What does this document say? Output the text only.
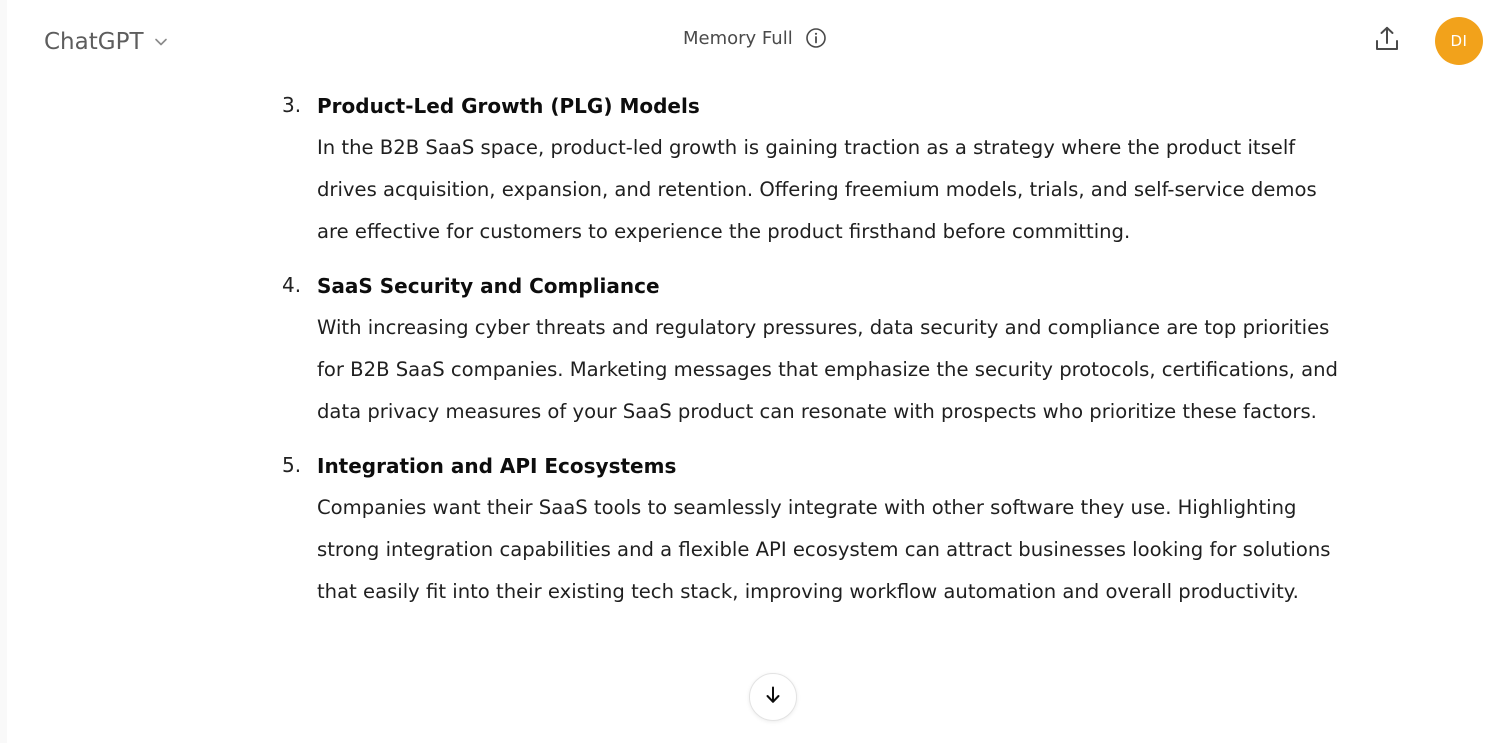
ChatGPT	Memory Full	DI
3. Product-Led Growth (PLG) Models
In the B2B SaaS space, product-led growth is gaining traction as a strategy where the product itself drives acquisition, expansion, and retention. Offering freemium models, trials, and self-service demos are effective for customers to experience the product firsthand before committing.
4. SaaS Security and Compliance
With increasing cyber threats and regulatory pressures, data security and compliance are top priorities for B2B SaaS companies. Marketing messages that emphasize the security protocols, certifications, and data privacy measures of your SaaS product can resonate with prospects who prioritize these factors.
5. Integration and API Ecosystems
Companies want their SaaS tools to seamlessly integrate with other software they use. Highlighting strong integration capabilities and a flexible API ecosystem can attract businesses looking for solutions that easily fit into their existing tech stack, improving workflow automation and overall productivity.
